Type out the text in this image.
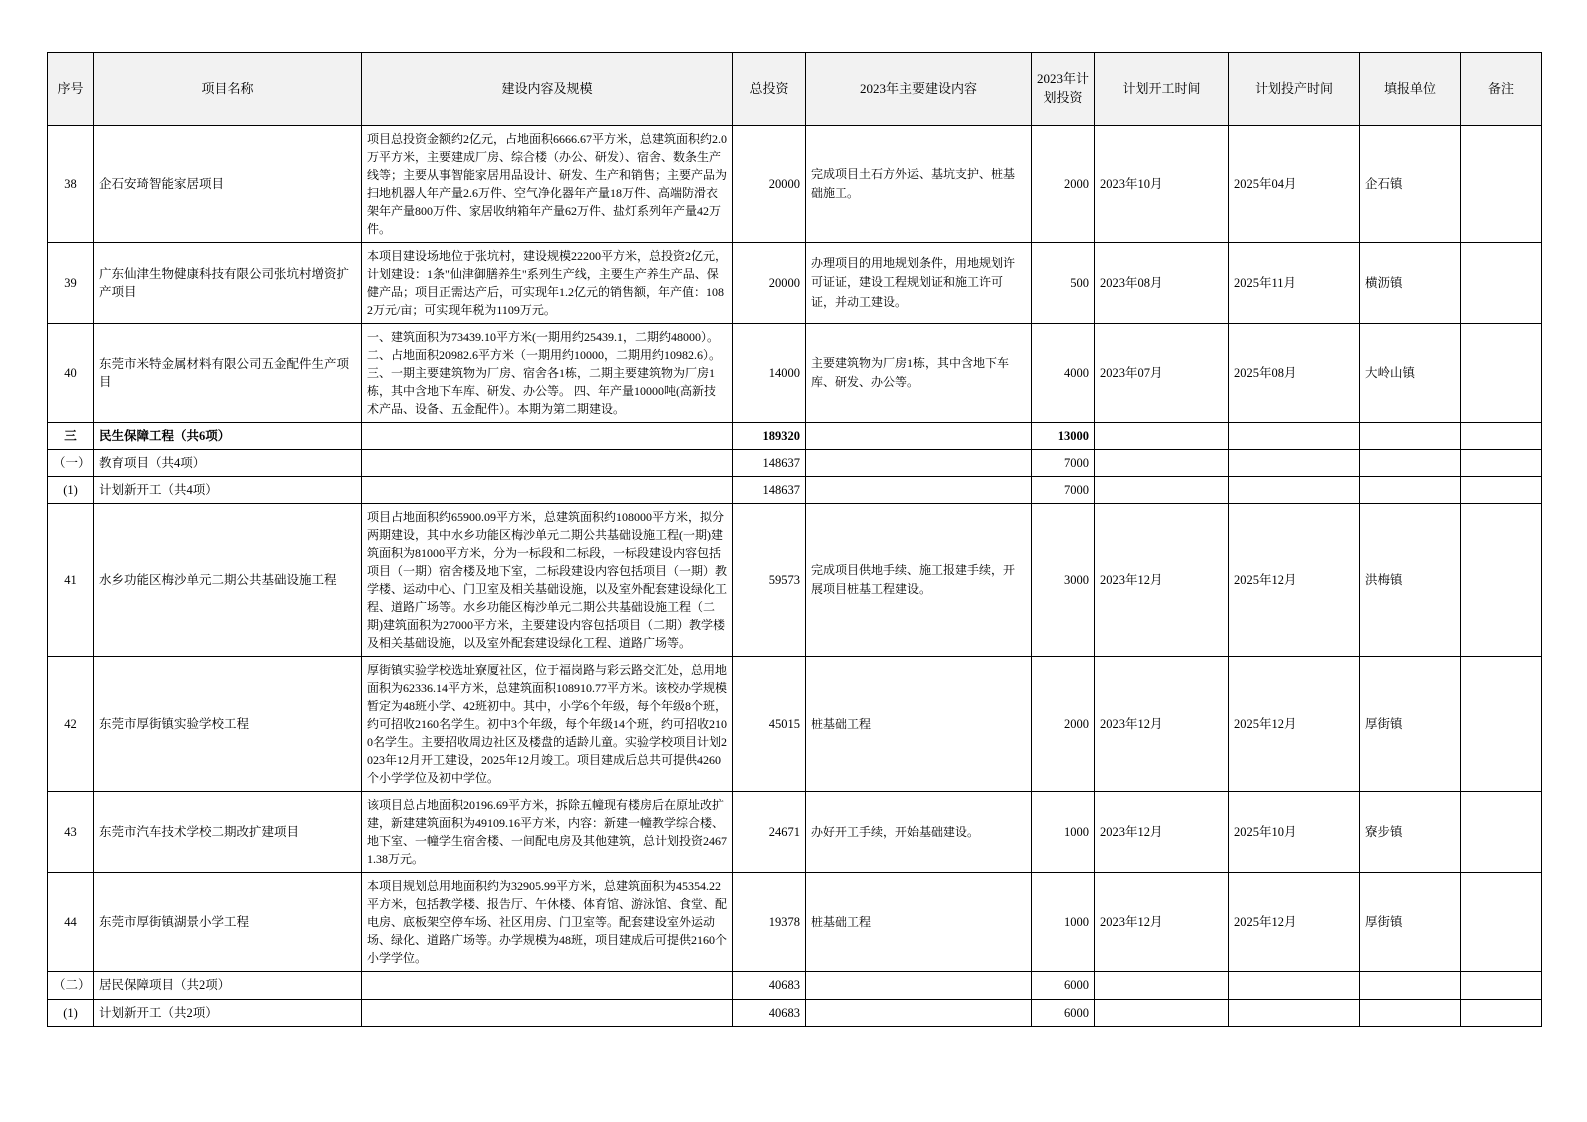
序号	项目名称	建设内容及规模	总投资	2023年主要建设内容	2023年计划投资	计划开工时间	计划投产时间	填报单位	备注
38	企石安琦智能家居项目	项目总投资金额约2亿元，占地面积6666.67平方米，总建筑面积约2.0万平方米，主要建成厂房、综合楼（办公、研发）、宿舍、数条生产线等；主要从事智能家居用品设计、研发、生产和销售；主要产品为扫地机器人年产量2.6万件、空气净化器年产量18万件、高端防滑衣架年产量800万件、家居收纳箱年产量62万件、盐灯系列年产量42万件。	20000	完成项目土石方外运、基坑支护、桩基础施工。	2000	2023年10月	2025年04月	企石镇	
39	广东仙津生物健康科技有限公司张坑村增资扩产项目	本项目建设场地位于张坑村，建设规模22200平方米，总投资2亿元，计划建设：1条"仙津御膳养生"系列生产线，主要生产养生产品、保健产品；项目正需达产后，可实现年1.2亿元的销售额，年产值：1082万元/亩；可实现年税为1109万元。	20000	办理项目的用地规划条件，用地规划许可证证，建设工程规划证和施工许可证，并动工建设。	500	2023年08月	2025年11月	横沥镇	
40	东莞市米特金属材料有限公司五金配件生产项目	一、建筑面积为73439.10平方米(一期用约25439.1，二期约48000）。 二、占地面积20982.6平方米（一期用约10000，二期用约10982.6）。 三、一期主要建筑物为厂房、宿舍各1栋，二期主要建筑物为厂房1栋，其中含地下车库、研发、办公等。 四、年产量10000吨(高新技术产品、设备、五金配件）。本期为第二期建设。	14000	主要建筑物为厂房1栋，其中含地下车库、研发、办公等。	4000	2023年07月	2025年08月	大岭山镇	
三	民生保障工程（共6项）		189320		13000				
（一）	教育项目（共4项）		148637		7000				
(1)	计划新开工（共4项）		148637		7000				
41	水乡功能区梅沙单元二期公共基础设施工程	项目占地面积约65900.09平方米，总建筑面积约108000平方米，拟分两期建设，其中水乡功能区梅沙单元二期公共基础设施工程(一期)建筑面积为81000平方米，分为一标段和二标段，一标段建设内容包括项目（一期）宿舍楼及地下室，二标段建设内容包括项目（一期）教学楼、运动中心、门卫室及相关基础设施，以及室外配套建设绿化工程、道路广场等。水乡功能区梅沙单元二期公共基础设施工程（二期)建筑面积为27000平方米，主要建设内容包括项目（二期）教学楼及相关基础设施，以及室外配套建设绿化工程、道路广场等。	59573	完成项目供地手续、施工报建手续，开展项目桩基工程建设。	3000	2023年12月	2025年12月	洪梅镇	
42	东莞市厚街镇实验学校工程	厚街镇实验学校选址寮厦社区，位于福岗路与彩云路交汇处，总用地面积为62336.14平方米，总建筑面积108910.77平方米。该校办学规模暂定为48班小学、42班初中。其中，小学6个年级，每个年级8个班，约可招收2160名学生。初中3个年级，每个年级14个班，约可招收2100名学生。主要招收周边社区及楼盘的适龄儿童。实验学校项目计划2023年12月开工建设，2025年12月竣工。项目建成后总共可提供4260个小学学位及初中学位。	45015	桩基础工程	2000	2023年12月	2025年12月	厚街镇	
43	东莞市汽车技术学校二期改扩建项目	该项目总占地面积20196.69平方米，拆除五幢现有楼房后在原址改扩建，新建建筑面积为49109.16平方米，内容：新建一幢教学综合楼、地下室、一幢学生宿舍楼、一间配电房及其他建筑，总计划投资24671.38万元。	24671	办好开工手续，开始基础建设。	1000	2023年12月	2025年10月	寮步镇	
44	东莞市厚街镇湖景小学工程	本项目规划总用地面积约为32905.99平方米，总建筑面积为45354.22平方米，包括教学楼、报告厅、午休楼、体育馆、游泳馆、食堂、配电房、底板架空停车场、社区用房、门卫室等。配套建设室外运动场、绿化、道路广场等。办学规模为48班，项目建成后可提供2160个小学学位。	19378	桩基础工程	1000	2023年12月	2025年12月	厚街镇	
（二）	居民保障项目（共2项）		40683		6000				
(1)	计划新开工（共2项）		40683		6000				
